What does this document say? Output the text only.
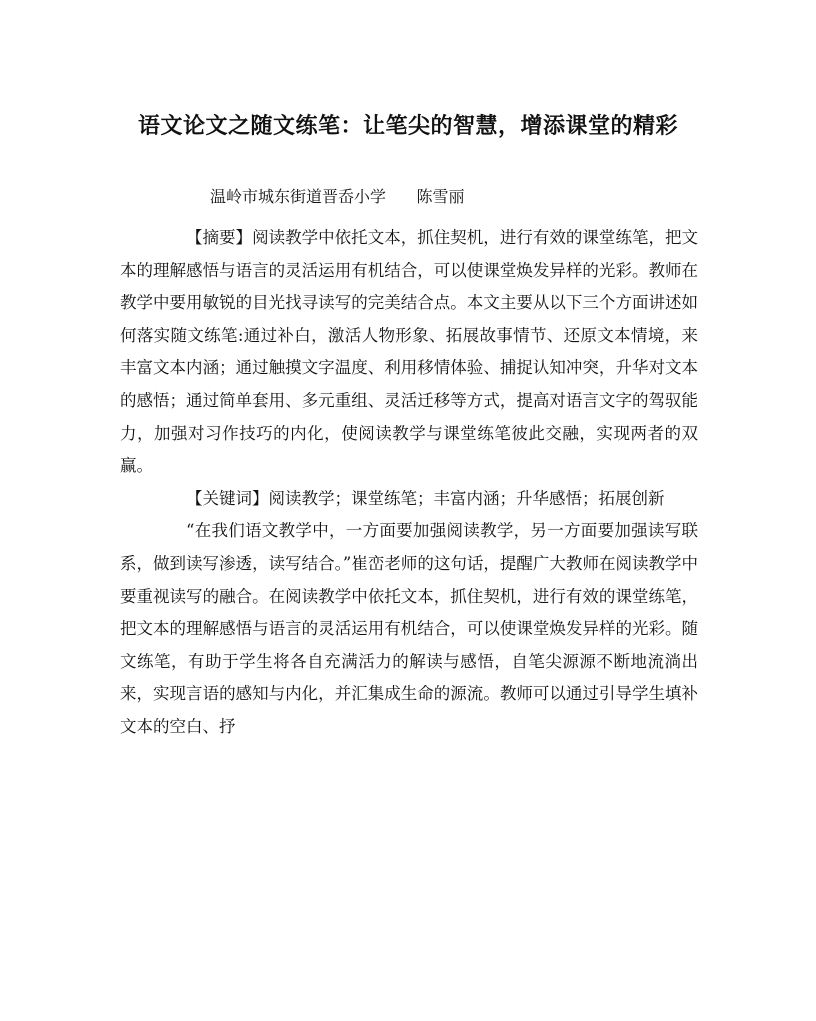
语文论文之随文练笔：让笔尖的智慧，增添课堂的精彩
温岭市城东街道晋岙小学      陈雪丽

【摘要】阅读教学中依托文本，抓住契机，进行有效的课堂练笔，把文本的理解感悟与语言的灵活运用有机结合，可以使课堂焕发异样的光彩。教师在教学中要用敏锐的目光找寻读写的完美结合点。本文主要从以下三个方面讲述如何落实随文练笔:通过补白，激活人物形象、拓展故事情节、还原文本情境，来丰富文本内涵；通过触摸文字温度、利用移情体验、捕捉认知冲突，升华对文本的感悟；通过简单套用、多元重组、灵活迁移等方式，提高对语言文字的驾驭能力，加强对习作技巧的内化，使阅读教学与课堂练笔彼此交融，实现两者的双赢。

【关键词】阅读教学；课堂练笔；丰富内涵；升华感悟；拓展创新

“在我们语文教学中，一方面要加强阅读教学，另一方面要加强读写联系，做到读写渗透，读写结合。”崔峦老师的这句话，提醒广大教师在阅读教学中要重视读写的融合。在阅读教学中依托文本，抓住契机，进行有效的课堂练笔，把文本的理解感悟与语言的灵活运用有机结合，可以使课堂焕发异样的光彩。随文练笔，有助于学生将各自充满活力的解读与感悟，自笔尖源源不断地流淌出来，实现言语的感知与内化，并汇集成生命的源流。教师可以通过引导学生填补文本的空白、抒
